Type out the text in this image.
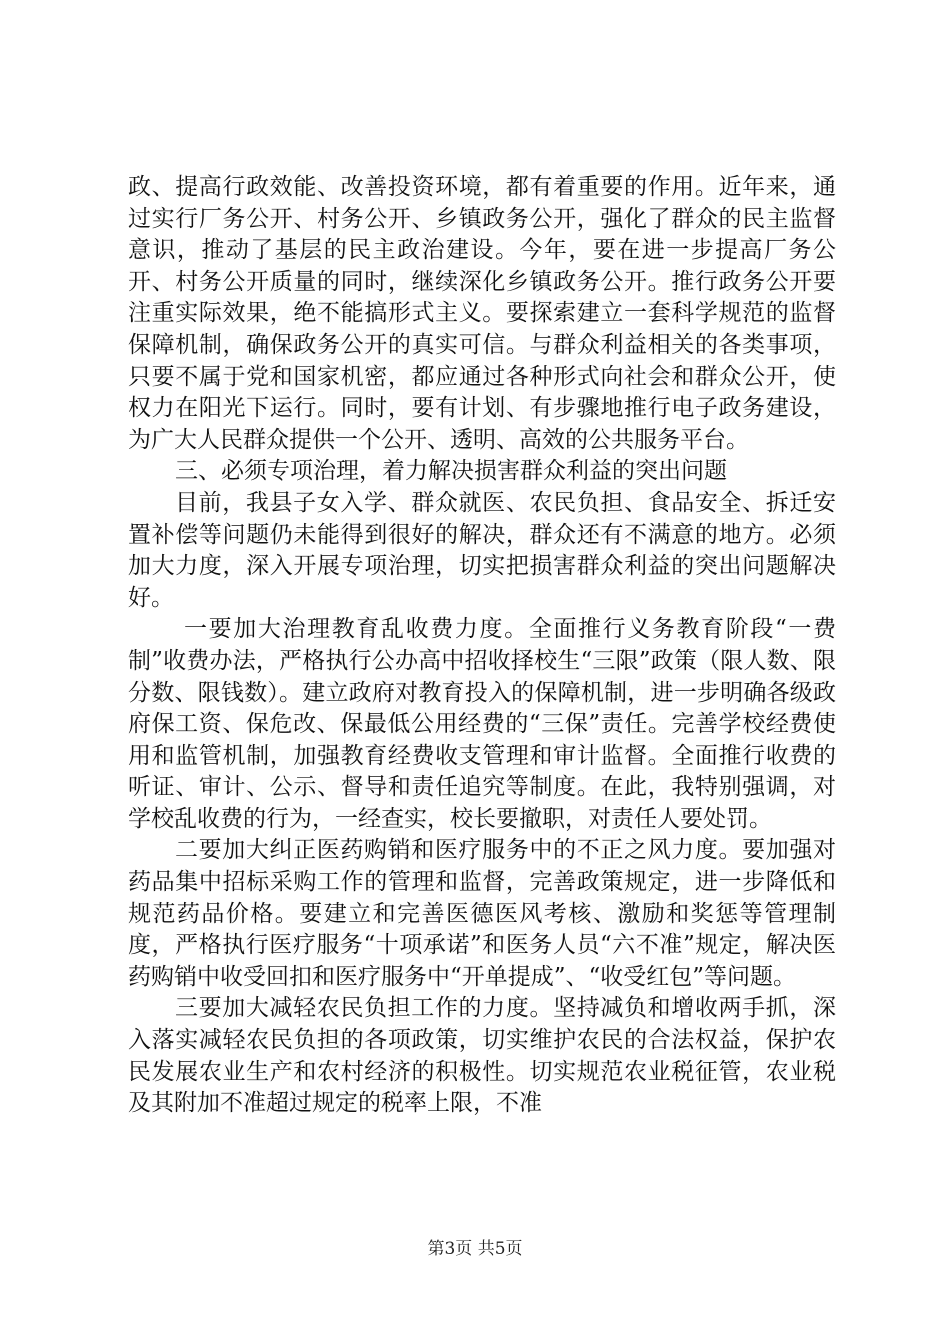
政、提高行政效能、改善投资环境，都有着重要的作用。近年来，通过实行厂务公开、村务公开、乡镇政务公开，强化了群众的民主监督意识，推动了基层的民主政治建设。今年，要在进一步提高厂务公开、村务公开质量的同时，继续深化乡镇政务公开。推行政务公开要注重实际效果，绝不能搞形式主义。要探索建立一套科学规范的监督保障机制，确保政务公开的真实可信。与群众利益相关的各类事项，只要不属于党和国家机密，都应通过各种形式向社会和群众公开，使权力在阳光下运行。同时，要有计划、有步骤地推行电子政务建设，为广大人民群众提供一个公开、透明、高效的公共服务平台。

三、必须专项治理，着力解决损害群众利益的突出问题

目前，我县子女入学、群众就医、农民负担、食品安全、拆迁安置补偿等问题仍未能得到很好的解决，群众还有不满意的地方。必须加大力度，深入开展专项治理，切实把损害群众利益的突出问题解决好。

一要加大治理教育乱收费力度。全面推行义务教育阶段“一费制”收费办法，严格执行公办高中招收择校生“三限”政策（限人数、限分数、限钱数）。建立政府对教育投入的保障机制，进一步明确各级政府保工资、保危改、保最低公用经费的“三保”责任。完善学校经费使用和监管机制，加强教育经费收支管理和审计监督。全面推行收费的听证、审计、公示、督导和责任追究等制度。在此，我特别强调，对学校乱收费的行为，一经查实，校长要撤职，对责任人要处罚。

二要加大纠正医药购销和医疗服务中的不正之风力度。要加强对药品集中招标采购工作的管理和监督，完善政策规定，进一步降低和规范药品价格。要建立和完善医德医风考核、激励和奖惩等管理制度，严格执行医疗服务“十项承诺”和医务人员“六不准”规定，解决医药购销中收受回扣和医疗服务中“开单提成”、“收受红包”等问题。

三要加大减轻农民负担工作的力度。坚持减负和增收两手抓，深入落实减轻农民负担的各项政策，切实维护农民的合法权益，保护农民发展农业生产和农村经济的积极性。切实规范农业税征管，农业税及其附加不准超过规定的税率上限，不准

第3页 共5页
